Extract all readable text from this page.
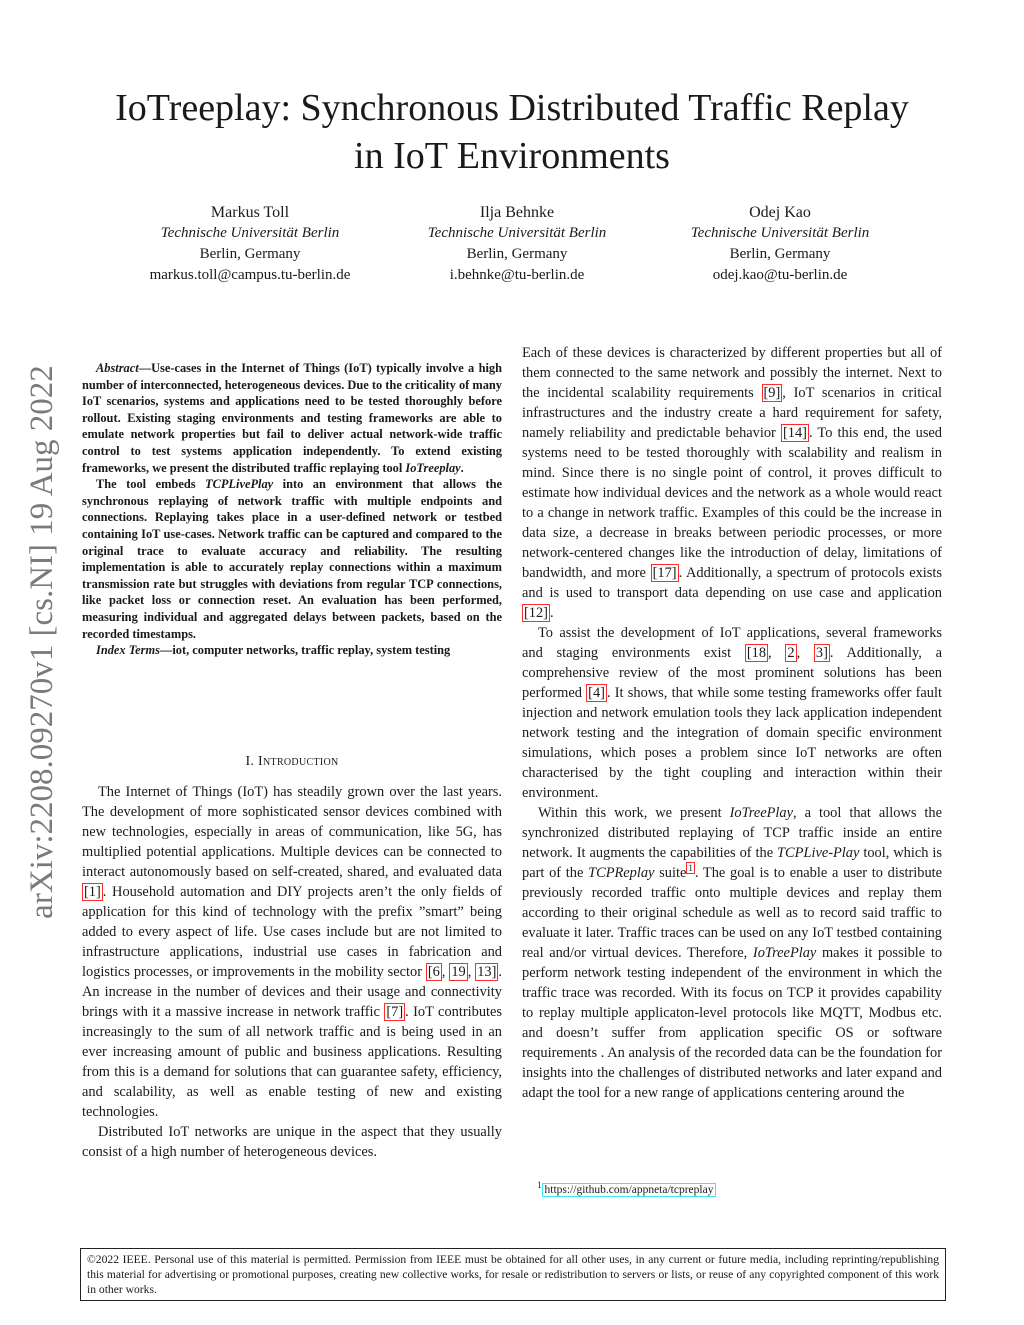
IoTreeplay: Synchronous Distributed Traffic Replay
in IoT Environments
Markus Toll
Technische Universität Berlin
Berlin, Germany
markus.toll@campus.tu-berlin.de
Ilja Behnke
Technische Universität Berlin
Berlin, Germany
i.behnke@tu-berlin.de
Odej Kao
Technische Universität Berlin
Berlin, Germany
odej.kao@tu-berlin.de
arXiv:2208.09270v1 [cs.NI] 19 Aug 2022	Abstract—Use-cases in the Internet of Things (IoT) typically involve a high number of interconnected, heterogeneous devices. Due to the criticality of many IoT scenarios, systems and applications need to be tested thoroughly before rollout. Existing staging environments and testing frameworks are able to emulate network properties but fail to deliver actual network-wide traffic control to test systems application independently. To extend existing frameworks, we present the distributed traffic replaying tool IoTreeplay.

The tool embeds TCPLivePlay into an environment that allows the synchronous replaying of network traffic with multiple endpoints and connections. Replaying takes place in a user-defined network or testbed containing IoT use-cases. Network traffic can be captured and compared to the original trace to evaluate accuracy and reliability. The resulting implementation is able to accurately replay connections within a maximum transmission rate but struggles with deviations from regular TCP connections, like packet loss or connection reset. An evaluation has been performed, measuring individual and aggregated delays between packets, based on the recorded timestamps.

Index Terms—iot, computer networks, traffic replay, system testing

I. Introduction

The Internet of Things (IoT) has steadily grown over the last years. The development of more sophisticated sensor devices combined with new technologies, especially in areas of communication, like 5G, has multiplied potential applications. Multiple devices can be connected to interact autonomously based on self-created, shared, and evaluated data [1] . Household automation and DIY projects aren’t the only fields of application for this kind of technology with the prefix ”smart” being added to every aspect of life. Use cases include but are not limited to infrastructure applications, industrial use cases in fabrication and logistics processes, or improvements in the mobility sector [6 , 19 , 13] . An increase in the number of devices and their usage and connectivity brings with it a massive increase in network traffic [7] . IoT contributes increasingly to the sum of all network traffic and is being used in an ever increasing amount of public and business applications. Resulting from this is a demand for solutions that can guarantee safety, efficiency, and scalability, as well as enable testing of new and existing technologies.

Distributed IoT networks are unique in the aspect that they usually consist of a high number of heterogeneous devices.

Each of these devices is characterized by different properties but all of them connected to the same network and possibly the internet. Next to the incidental scalability requirements [9] , IoT scenarios in critical infrastructures and the industry create a hard requirement for safety, namely reliability and predictable behavior [14] . To this end, the used systems need to be tested thoroughly with scalability and realism in mind. Since there is no single point of control, it proves difficult to estimate how individual devices and the network as a whole would react to a change in network traffic. Examples of this could be the increase in data size, a decrease in breaks between periodic processes, or more network-centered changes like the introduction of delay, limitations of bandwidth, and more [17] . Additionally, a spectrum of protocols exists and is used to transport data depending on use case and application [12] .

To assist the development of IoT applications, several frameworks and staging environments exist [18 , 2 , 3] . Additionally, a comprehensive review of the most prominent solutions has been performed [4] . It shows, that while some testing frameworks offer fault injection and network emulation tools they lack application independent network testing and the integration of domain specific environment simulations, which poses a problem since IoT networks are often characterised by the tight coupling and interaction within their environment.

Within this work, we present IoTreePlay, a tool that allows the synchronized distributed replaying of TCP traffic inside an entire network. It augments the capabilities of the TCPLive-Play tool, which is part of the TCPReplay suite $^1$ . The goal is to enable a user to distribute previously recorded traffic onto multiple devices and replay them according to their original schedule as well as to record said traffic to evaluate it later. Traffic traces can be used on any IoT testbed containing real and/or virtual devices. Therefore, IoTreePlay makes it possible to perform network testing independent of the environment in which the traffic trace was recorded. With its focus on TCP it provides capability to replay multiple applicaton-level protocols like MQTT, Modbus etc. and doesn’t suffer from application specific OS or software requirements . An analysis of the recorded data can be the foundation for insights into the challenges of distributed networks and later expand and adapt the tool for a new range of applications centering around the

$^1$ https://github.com/appneta/tcpreplay
©2022 IEEE. Personal use of this material is permitted. Permission from IEEE must be obtained for all other uses, in any current or future media, including reprinting/republishing this material for advertising or promotional purposes, creating new collective works, for resale or redistribution to servers or lists, or reuse of any copyrighted component of this work in other works.
